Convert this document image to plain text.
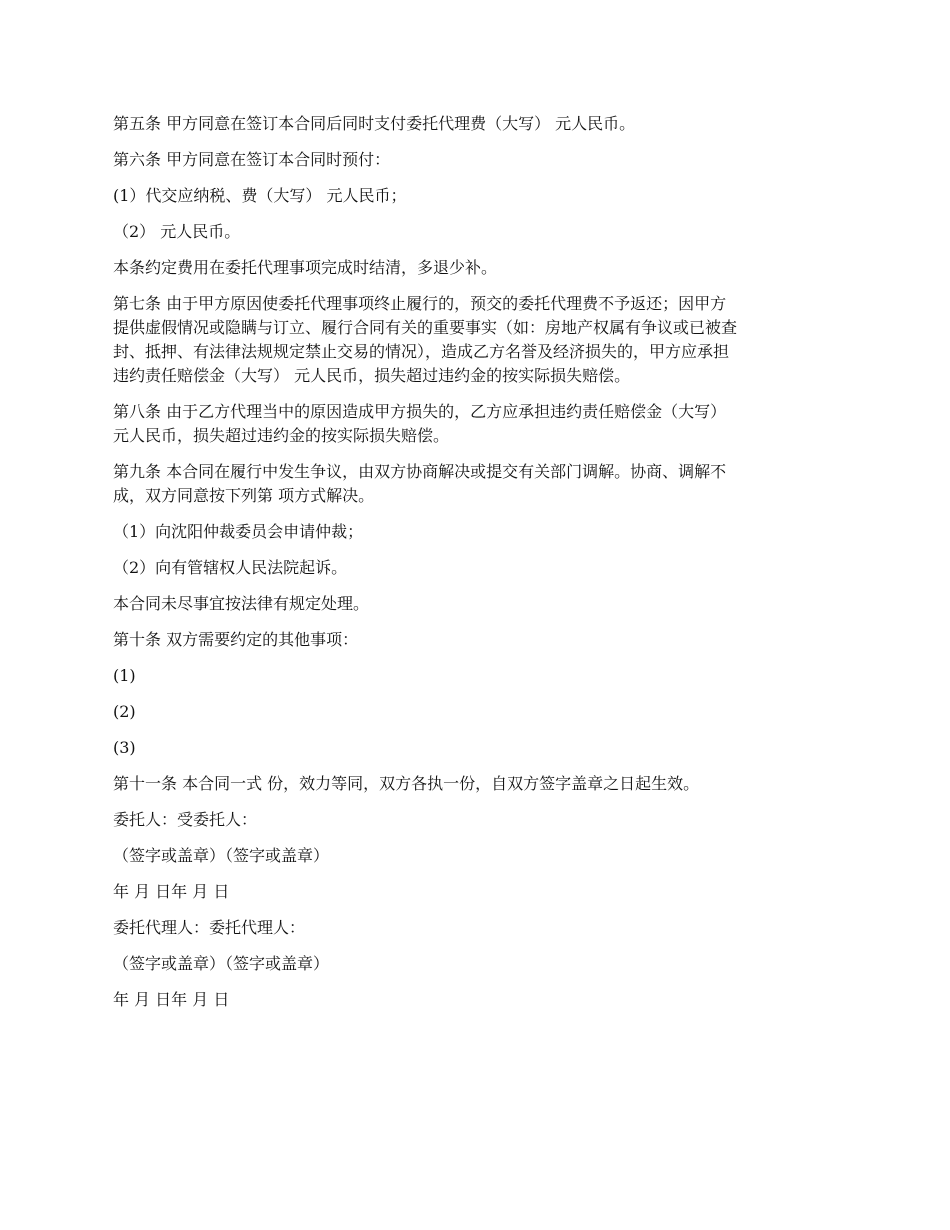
第五条 甲方同意在签订本合同后同时支付委托代理费（大写） 元人民币。

第六条 甲方同意在签订本合同时预付：

(1）代交应纳税、费（大写） 元人民币；

（2） 元人民币。

本条约定费用在委托代理事项完成时结清，多退少补。

第七条 由于甲方原因使委托代理事项终止履行的，预交的委托代理费不予返还；因甲方
提供虚假情况或隐瞒与订立、履行合同有关的重要事实（如：房地产权属有争议或已被查
封、抵押、有法律法规规定禁止交易的情况），造成乙方名誉及经济损失的，甲方应承担
违约责任赔偿金（大写） 元人民币，损失超过违约金的按实际损失赔偿。

第八条 由于乙方代理当中的原因造成甲方损失的，乙方应承担违约责任赔偿金（大写）
元人民币，损失超过违约金的按实际损失赔偿。

第九条 本合同在履行中发生争议，由双方协商解决或提交有关部门调解。协商、调解不
成，双方同意按下列第 项方式解决。

（1）向沈阳仲裁委员会申请仲裁；

（2）向有管辖权人民法院起诉。

本合同未尽事宜按法律有规定处理。

第十条 双方需要约定的其他事项：

(1)

(2)

(3)

第十一条 本合同一式 份，效力等同，双方各执一份，自双方签字盖章之日起生效。

委托人：受委托人：

（签字或盖章）（签字或盖章）

年 月 日年 月 日

委托代理人：委托代理人：

（签字或盖章）（签字或盖章）

年 月 日年 月 日
